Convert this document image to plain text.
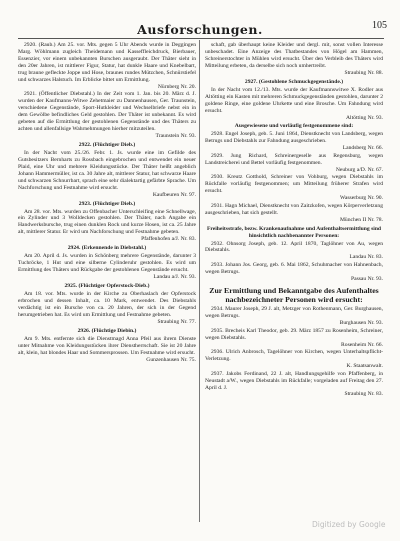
105
Ausforschungen.
2920. (Raub.) Am 25. vor. Mts. gegen 5 Uhr Abends wurde in Deggingen Marg. Wöhlmann zugleich Theidemann und Kasseffleichdruck, Bierbauer, Essenzier, vor einem unbekannten Burschen ausgeraubt. Der Thäter sieht in den 20er Jahren, ist mittlerer Figur, Statur, hat dunkle Haare und Knebelbart, trug braune gefleckte Joppe und Hose, braunes rundes Mützchen, Schnürstiefel und schwarzes Halstuch. Im Erblicke bittet um Ermittlung.
Nürnberg Nr. 20.
2921. (Öffentlicher Diebstahl.) In der Zeit vom 1. Jan. bis 20. März d. J. wurden der Kaufmanns-Witwe Zehetmaier zu Dannenhausen, Ger. Traunstein, verschiedene Gegenstände, Sport-Hutkleider und Wechselbriefe nebst ein in dem Gewölbe befindliches Geld gestohlen. Der Thäter ist unbekannt. Es wird gebeten auf die Ermittlung der gestohlenen Gegenstände und des Thäters zu achten und allenfallsige Wahrnehmungen hierher mitzuteilen.
Traunstein Nr. 93.
2922. (Flüchtiger Dieb.)
In der Nacht vom 25./26. Febr. 1. Js. wurde eine im Gefilde des Gutsbesitzers Bernharts zu Rossbach eingebrochen und entwendet ein neuer Plaid, eine Uhr und mehrere Kleidungsstücke. Der Thäter heißt angeblich Johann Hammermüller, ist ca. 30 Jahre alt, mittlerer Statur, hat schwarze Haare und schwarzen Schnurrbart, sprach eine sehr dialektartig gefärbte Sprache. Um Nachforschung und Festnahme wird ersucht.
Kaufbeuren Nr. 97.
2923. (Flüchtiger Dieb.)
Am 28. vor. Mts. wurden zu Offenbacher Unterschleifing eine Schnellwage, ein Zylinder und 3 Wolldecken gestohlen. Der Thäter, nach Angabe ein Handwerksbursche, trug einen dunklen Rock und kurze Hosen, ist ca. 25 Jahre alt, mittlerer Statur. Er wird um Nachforschung und Festnahme gebeten.
Pfaffenhofen a/J. Nr. 83.
2924. (Erkennende in Diebstahl.)
Am 20. April d. Js. wurden in Schönberg mehrere Gegenstände, darunter 3 Tuchröcke, 1 Hut und eine silberne Cylinderuhr gestohlen. Es wird um Ermittlung des Thäters und Rückgabe der gestohlenen Gegenstände ersucht.
Landau a/J. Nr. 93.
2925. (Flüchtiger Opferstock-Dieb.)
Am 18. vor. Mts. wurde in der Kirche zu Oberhaslach der Opferstock erbrochen und dessen Inhalt, ca. 10 Mark, entwendet. Des Diebstahls verdächtig ist ein Bursche von ca. 20 Jahren, der sich in der Gegend herumgetrieben hat. Es wird um Ermittlung und Festnahme gebeten.
Straubing Nr. 77.
2926. (Flüchtige Diebin.)
Am 9. Mts. entfernte sich die Dienstmagd Anna Pfeil aus ihrem Dienste unter Mitnahme von Kleidungsstücken ihrer Dienstherrschaft. Sie ist 20 Jahre alt, klein, hat blondes Haar und Sommersprossen. Um Festnahme wird ersucht.
Gunzenhausen Nr. 75.
schaft, gab überhaupt keine Kleider und dergl. mit, sonst vollen Interesse unbeschadet. Eine Anzeige des Thatbestandes von Högel am Hammen, Schreinerstochter in Mühlen wird ersucht. Über den Verbleib des Thäters wird Mitteilung erbeten, da derselbe sich noch umhertreibt.
Straubing Nr. 88.
2927. (Gestohlene Schmuckgegenstände.)
In der Nacht vom 12./13. Mts. wurde der Kaufmannswitwe X. Rodler aus Altötting ein Kasten mit mehreren Schmuckgegenständen gestohlen, darunter 2 goldene Ringe, eine goldene Uhrkette und eine Brosche. Um Fahndung wird ersucht.
Altötting Nr. 93.
Ausgewiesene und vorläufig festgenommene sind:
2928. Engel Joseph, geb. 5. Juni 1864, Dienstknecht von Landsberg, wegen Betrugs und Diebstahls zur Fahndung ausgeschrieben.
Landsberg Nr. 66.
2929. Jung Richard, Schreinergeselle aus Regensburg, wegen Landstreicherei und Bettel vorläufig festgenommen.
Neuburg a/D. Nr. 67.
2930. Kreutz Gotthold, Schreiner von Vohburg, wegen Diebstahls im Rückfalle vorläufig festgenommen; um Mitteilung früherer Strafen wird ersucht.
Wasserburg Nr. 90.
2931. Hagn Michael, Dienstknecht von Zaitzkofen, wegen Körperverletzung ausgeschrieben, hat sich gestellt.
München II Nr. 78.
Freiheitsstrafe, bezw. Krankenaufnahme und Aufenthaltsermittlung sind hinsichtlich nachbenannter Personen:
2932. Ohnsorg Joseph, geb. 12. April 1870, Taglöhner von Au, wegen Diebstahls.
Landau Nr. 83.
2933. Johann Jos. Georg, geb. 6. Mai 1862, Schuhmacher von Hahnenbach, wegen Betrugs.
Passau Nr. 93.
Zur Ermittlung und Bekanntgabe des Aufenthaltes nachbezeichneter Personen wird ersucht:
2934. Maurer Joseph, 29 J. alt, Metzger von Rothenmann, Ger. Burghausen, wegen Betrugs.
Burghausen Nr. 93.
2935. Brecheis Karl Theodor, geb. 29. März 1857 zu Rosenheim, Schreiner, wegen Diebstahls.
Rosenheim Nr. 66.
2936. Ulrich Anbrosch, Tagelöhner von Kirchen, wegen Unterhaltspflicht-Verletzung.
K. Staatsanwalt.
2937. Jakobs Ferdinand, 22 J. alt, Handlungsgehilfe von Pfaffenberg, in Neustadt a/W., wegen Diebstahls im Rückfalle; vorgeladen auf Freitag den 27. April d. J.
Straubing Nr. 83.
Digitized by Google
